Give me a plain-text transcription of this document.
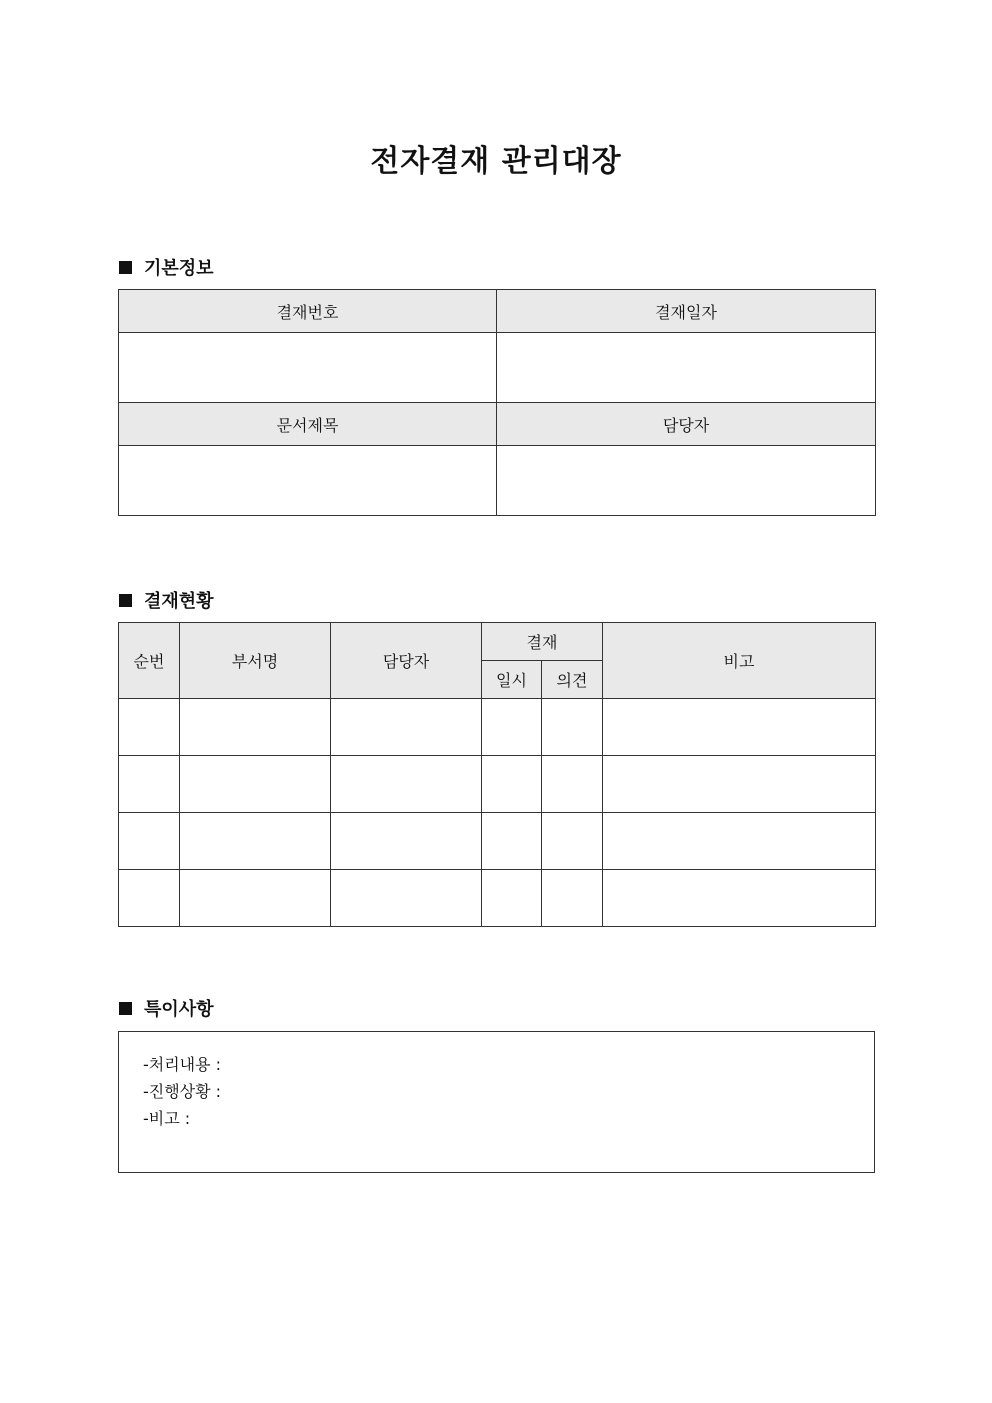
전자결재 관리대장
기본정보
결재번호	결재일자

문서제목	담당자

결재현황
순번	부서명	담당자	결재		비고
			일시	의견	

특이사항
-처리내용 :
-진행상황 :
-비고 :
